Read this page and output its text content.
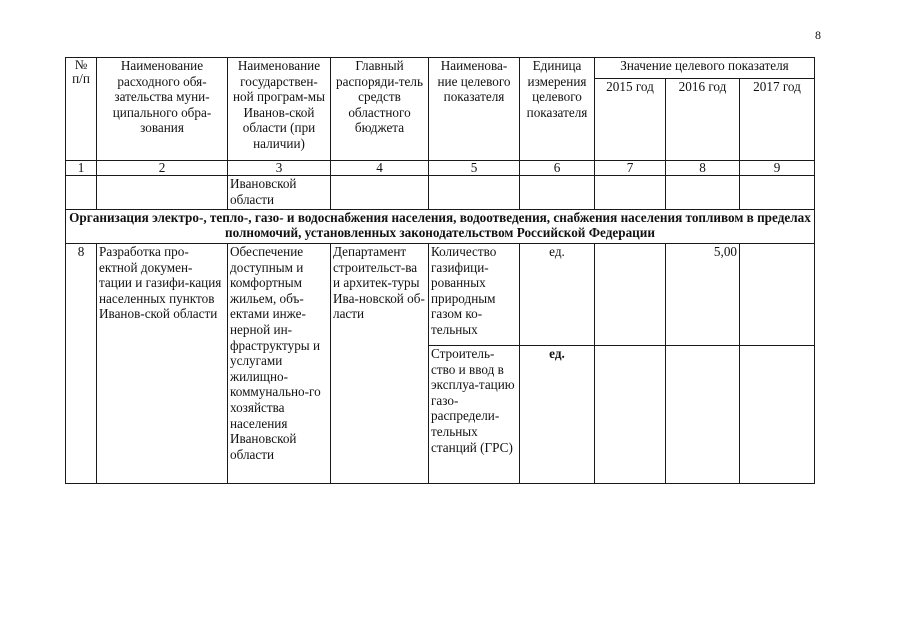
8
№ п/п	Наименование расходного обя-зательства муни-ципального обра-зования	Наименование государствен-ной програм-мы Иванов-ской области (при наличии)	Главный распоряди-тель средств областного бюджета	Наименова-ние целевого показателя	Единица измерения целевого показателя	Значение целевого показателя		
						2015 год	2016 год	2017 год
1	2	3	4	5	6	7	8	9
		Ивановской области						
Организация электро-, тепло-, газо- и водоснабжения населения, водоотведения, снабжения населения топливом в пределах полномочий, установленных законодательством Российской Федерации								
8	Разработка про-ектной докумен-тации и газифи-кация населенных пунктов Иванов-ской области	Обеспечение доступным и комфортным жильем, объ-ектами инже-нерной ин-фраструктуры и услугами жилищно-коммунально-го хозяйства населения Ивановской области	Департамент строительст-ва и архитек-туры Ива-новской об-ласти	Количество газифици-рованных природным газом ко-тельных	ед.		5,00	
				Строитель-ство и ввод в эксплуа-тацию газо-распредели-тельных станций (ГРС)	ед.			
